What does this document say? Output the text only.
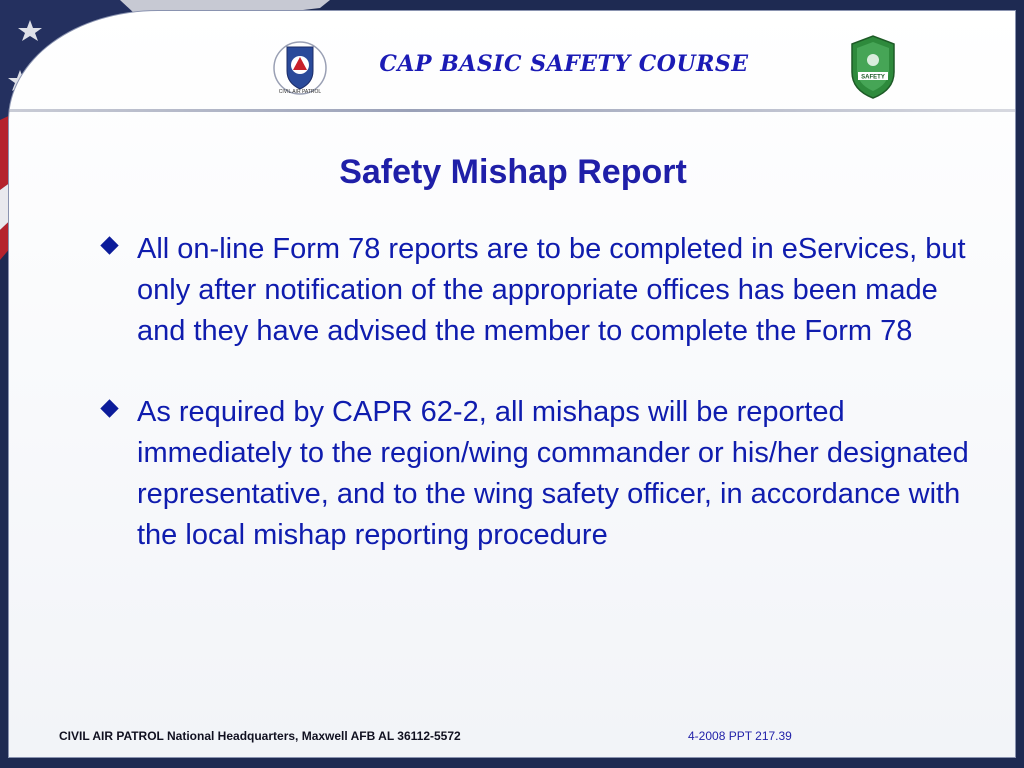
CIVIL AIR PATROL
CAP BASIC SAFETY COURSE
SAFETY
Safety Mishap Report
All on-line Form 78 reports are to be completed in eServices, but only after notification of the appropriate offices has been made and they have advised the member to complete the Form 78
As required by CAPR 62-2, all mishaps will be reported immediately to the region/wing commander or his/her designated representative, and to the wing safety officer, in accordance with the local mishap reporting procedure
CIVIL AIR PATROL National Headquarters, Maxwell AFB AL 36112-5572	4-2008 PPT 217.39
